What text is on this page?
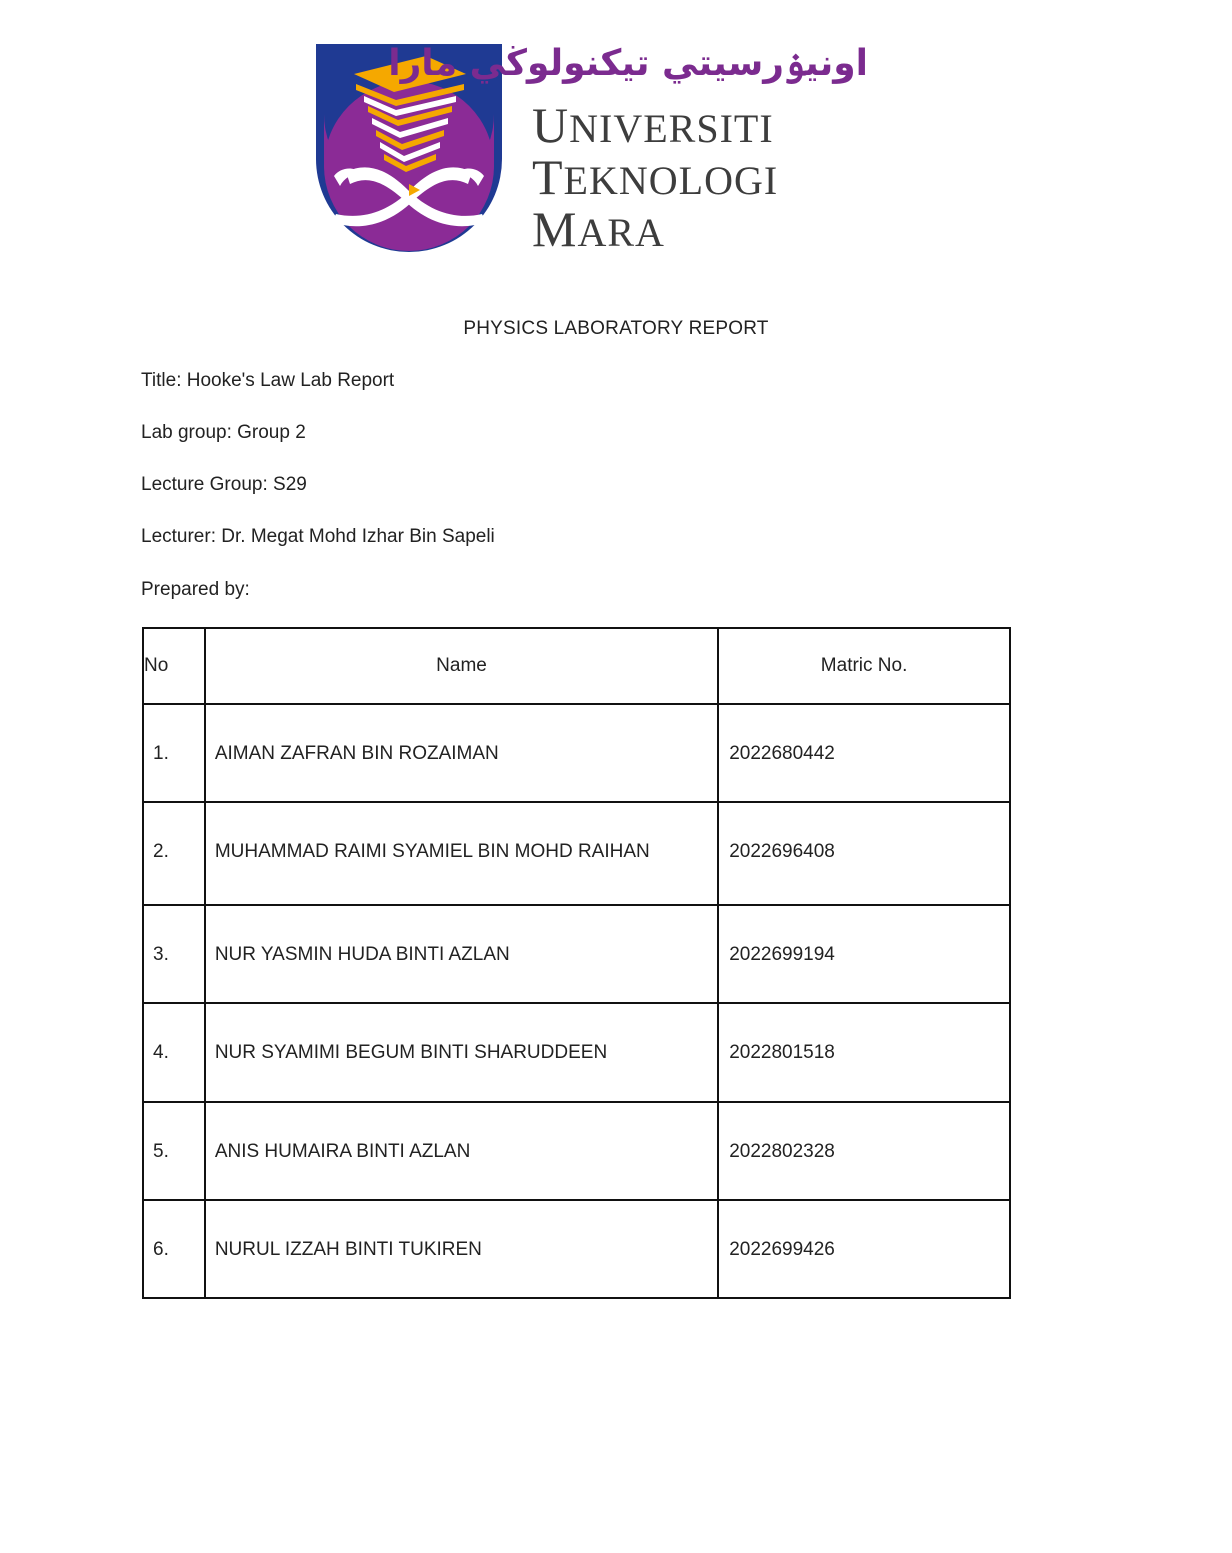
اونيۏرسيتي تيكنولوڬي مارا
UNIVERSITI
TEKNOLOGI
MARA
PHYSICS LABORATORY REPORT
Title: Hooke's Law Lab Report
Lab group: Group 2
Lecture Group: S29
Lecturer: Dr. Megat Mohd Izhar Bin Sapeli
Prepared by:
No	Name	Matric No.

1.	AIMAN ZAFRAN BIN ROZAIMAN	2022680442

2.	MUHAMMAD RAIMI SYAMIEL BIN MOHD RAIHAN	2022696408

3.	NUR YASMIN HUDA BINTI AZLAN	2022699194

4.	NUR SYAMIMI BEGUM BINTI SHARUDDEEN	2022801518

5.	ANIS HUMAIRA BINTI AZLAN	2022802328

6.	NURUL IZZAH BINTI TUKIREN	2022699426
